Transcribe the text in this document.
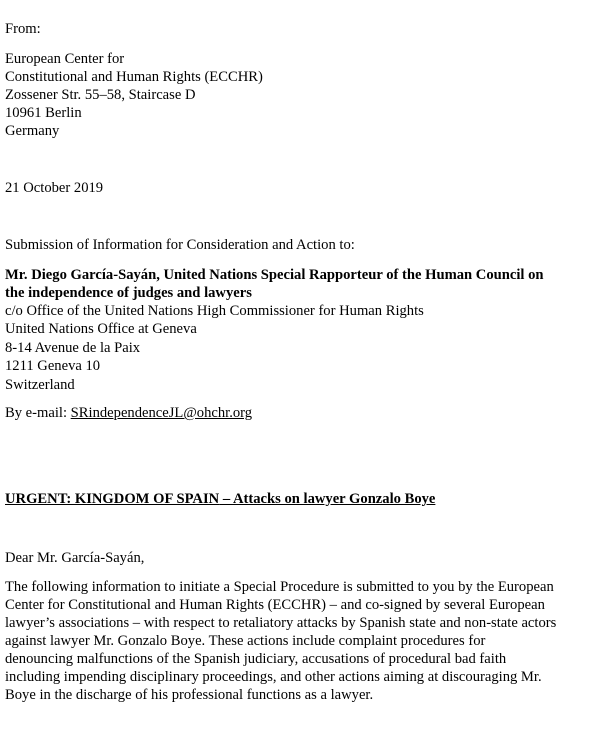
From:
European Center for
Constitutional and Human Rights (ECCHR)
Zossener Str. 55–58, Staircase D
10961 Berlin
Germany
21 October 2019
Submission of Information for Consideration and Action to:
Mr. Diego García-Sayán, United Nations Special Rapporteur of the Human Council on
the independence of judges and lawyers
c/o Office of the United Nations High Commissioner for Human Rights
United Nations Office at Geneva
8-14 Avenue de la Paix
1211 Geneva 10
Switzerland
By e-mail: SRindependenceJL@ohchr.org
URGENT: KINGDOM OF SPAIN – Attacks on lawyer Gonzalo Boye
Dear Mr. García-Sayán,
The following information to initiate a Special Procedure is submitted to you by the European
Center for Constitutional and Human Rights (ECCHR) – and co-signed by several European
lawyer’s associations – with respect to retaliatory attacks by Spanish state and non-state actors
against lawyer Mr. Gonzalo Boye. These actions include complaint procedures for
denouncing malfunctions of the Spanish judiciary, accusations of procedural bad faith
including impending disciplinary proceedings, and other actions aiming at discouraging Mr.
Boye in the discharge of his professional functions as a lawyer.
